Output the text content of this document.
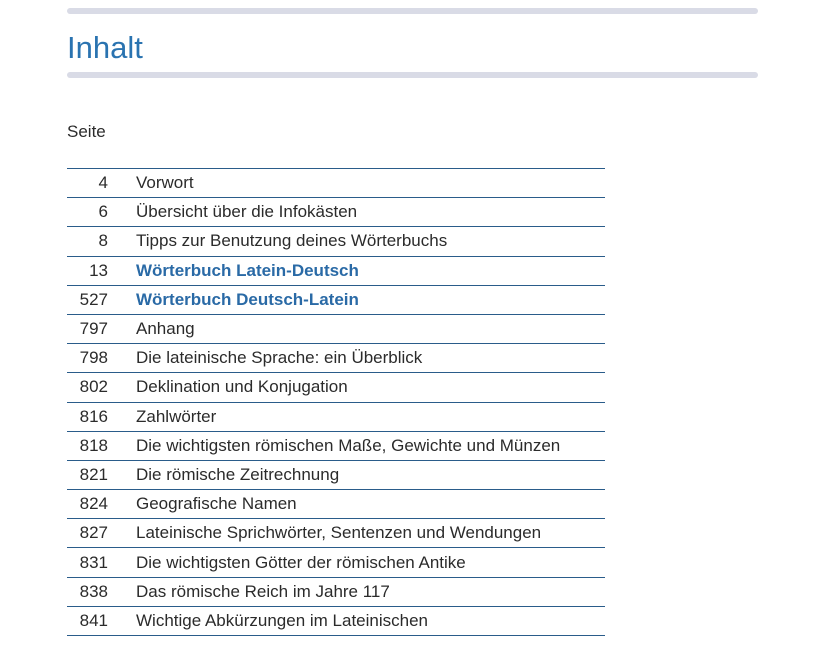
Inhalt
Seite
4 Vorwort
6 Übersicht über die Infokästen
8 Tipps zur Benutzung deines Wörterbuchs
13 Wörterbuch Latein-Deutsch
527 Wörterbuch Deutsch-Latein
797 Anhang
798 Die lateinische Sprache: ein Überblick
802 Deklination und Konjugation
816 Zahlwörter
818 Die wichtigsten römischen Maße, Gewichte und Münzen
821 Die römische Zeitrechnung
824 Geografische Namen
827 Lateinische Sprichwörter, Sentenzen und Wendungen
831 Die wichtigsten Götter der römischen Antike
838 Das römische Reich im Jahre 117
841 Wichtige Abkürzungen im Lateinischen
